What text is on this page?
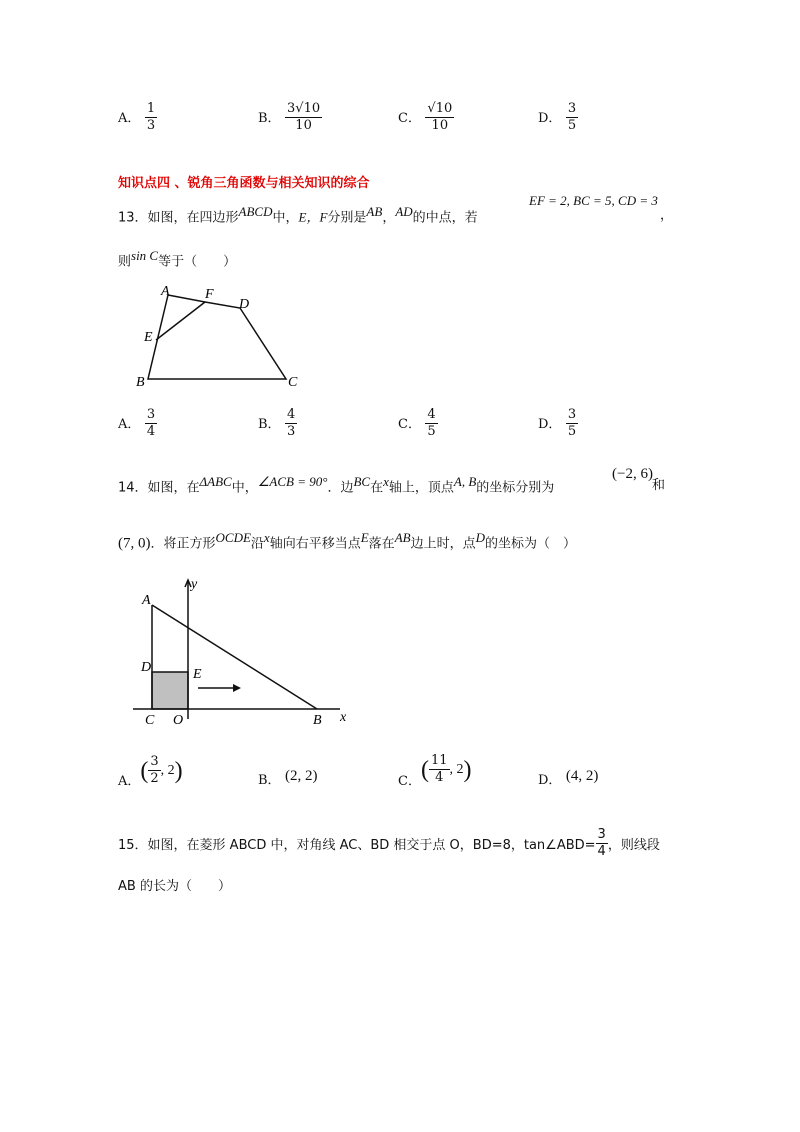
A． $\frac{1}{3}$	B． $\frac{3√10}{10}$	C． $\frac{√10}{10}$	D． $\frac{3}{5}$
知识点四 、锐角三角函数与相关知识的综合
13．如图，在四边形$^{ABCD}$中，E，F分别是$^{AB}$，$^{AD}$的中点，若
EF = 2, BC = 5, CD = 3
，
则$^{sin C}$等于（　　）
A	F
D
E
B	C
A． $\frac{3}{4}$	B． $\frac{4}{3}$	C． $\frac{4}{5}$	D． $\frac{3}{5}$
14．如图，在$^{\Delta ABC}$中，$^{\angle ACB = 90^\circ}$．边$^{BC}$在$^x$轴上，顶点$^{A, B}$的坐标分别为
(−2, 6)
和
(7, 0)．将正方形$^{OCDE}$沿$^x$轴向右平移当点$^E$落在$^{AB}$边上时，点$^D$的坐标为（　）
A
D	E
C O	B x
y
A． ( $\frac{3}{2}$ , 2 )	B． (2, 2)	C． ( $\frac{11}{4}$ , 2 )	D． (4, 2)
15．如图，在菱形 ABCD 中，对角线 AC、BD 相交于点 O，BD=8，tan∠ABD= $\frac{3}{4}$ ，则线段
AB 的长为（　　）
